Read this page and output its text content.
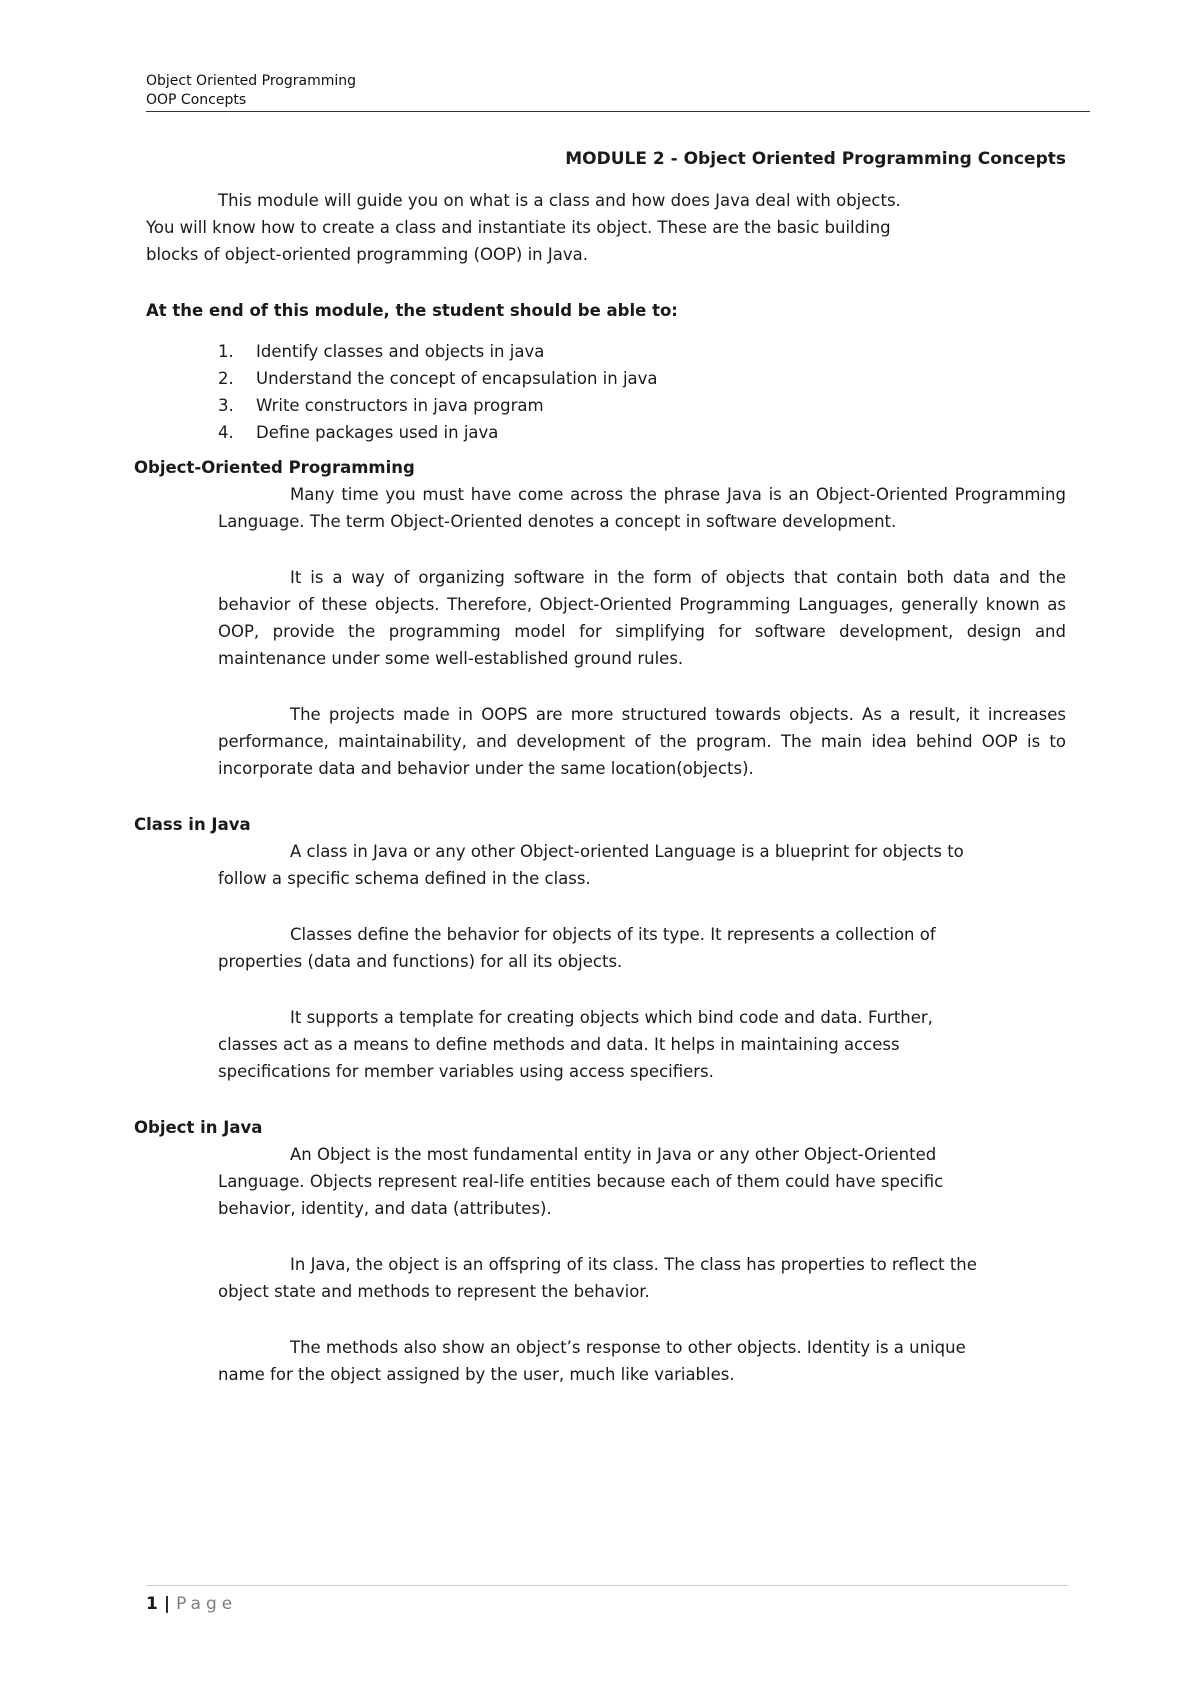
Object Oriented Programming
OOP Concepts

MODULE 2 - Object Oriented Programming Concepts

This module will guide you on what is a class and how does Java deal with objects.

You will know how to create a class and instantiate its object. These are the basic building

blocks of object-oriented programming (OOP) in Java.

At the end of this module, the student should be able to:

1. Identify classes and objects in java
2. Understand the concept of encapsulation in java
3. Write constructors in java program
4. Define packages used in java

Object-Oriented Programming

Many time you must have come across the phrase Java is an Object-Oriented Programming Language. The term Object-Oriented denotes a concept in software development.

It is a way of organizing software in the form of objects that contain both data and the behavior of these objects. Therefore, Object-Oriented Programming Languages, generally known as OOP, provide the programming model for simplifying for software development, design and maintenance under some well-established ground rules.

The projects made in OOPS are more structured towards objects. As a result, it increases performance, maintainability, and development of the program. The main idea behind OOP is to incorporate data and behavior under the same location(objects).

Class in Java

A class in Java or any other Object-oriented Language is a blueprint for objects to

follow a specific schema defined in the class.

Classes define the behavior for objects of its type. It represents a collection of

properties (data and functions) for all its objects.

It supports a template for creating objects which bind code and data. Further,

classes act as a means to define methods and data. It helps in maintaining access

specifications for member variables using access specifiers.

Object in Java

An Object is the most fundamental entity in Java or any other Object-Oriented

Language. Objects represent real-life entities because each of them could have specific

behavior, identity, and data (attributes).

In Java, the object is an offspring of its class. The class has properties to reflect the

object state and methods to represent the behavior.

The methods also show an object’s response to other objects. Identity is a unique

name for the object assigned by the user, much like variables.

1 | Page
